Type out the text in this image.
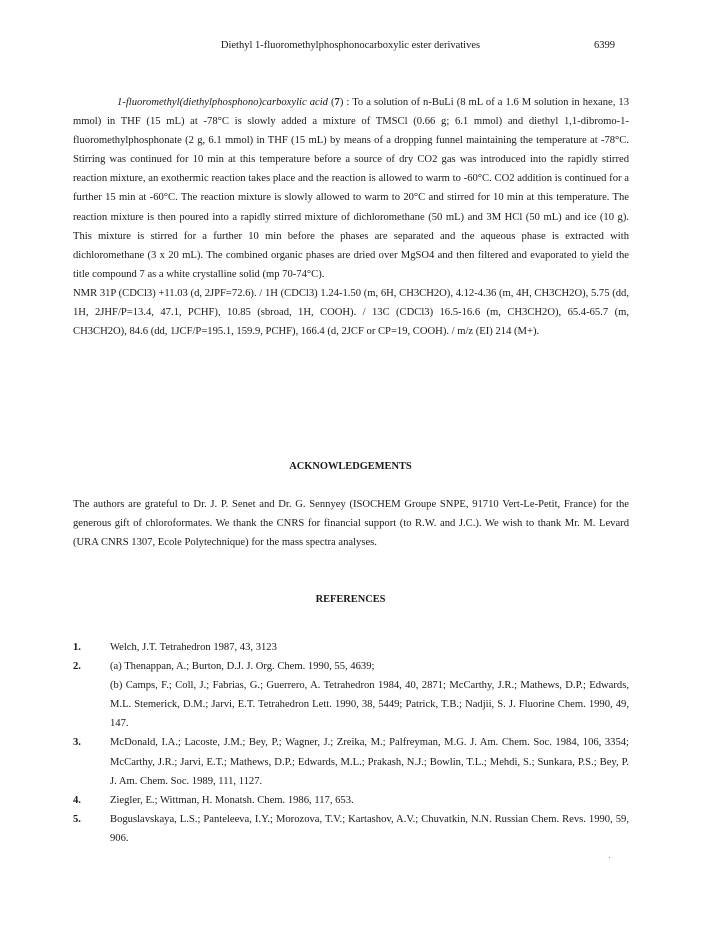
Diethyl 1-fluoromethylphosphonocarboxylic ester derivatives	6399
1-fluoromethyl(diethylphosphono)carboxylic acid (7) : To a solution of n-BuLi (8 mL of a 1.6 M solution in hexane, 13 mmol) in THF (15 mL) at -78°C is slowly added a mixture of TMSCl (0.66 g; 6.1 mmol) and diethyl 1,1-dibromo-1-fluoromethylphosphonate (2 g, 6.1 mmol) in THF (15 mL) by means of a dropping funnel maintaining the temperature at -78°C. Stirring was continued for 10 min at this temperature before a source of dry CO2 gas was introduced into the rapidly stirred reaction mixture, an exothermic reaction takes place and the reaction is allowed to warm to -60°C. CO2 addition is continued for a further 15 min at -60°C. The reaction mixture is slowly allowed to warm to 20°C and stirred for 10 min at this temperature. The reaction mixture is then poured into a rapidly stirred mixture of dichloromethane (50 mL) and 3M HCl (50 mL) and ice (10 g). This mixture is stirred for a further 10 min before the phases are separated and the aqueous phase is extracted with dichloromethane (3 x 20 mL). The combined organic phases are dried over MgSO4 and then filtered and evaporated to yield the title compound 7 as a white crystalline solid (mp 70-74°C).
NMR 31P (CDCl3) +11.03 (d, 2JPF=72.6). / 1H (CDCl3) 1.24-1.50 (m, 6H, CH3CH2O), 4.12-4.36 (m, 4H, CH3CH2O), 5.75 (dd, 1H, 2JHF/P=13.4, 47.1, PCHF), 10.85 (sbroad, 1H, COOH). / 13C (CDCl3) 16.5-16.6 (m, CH3CH2O), 65.4-65.7 (m, CH3CH2O), 84.6 (dd, 1JCF/P=195.1, 159.9, PCHF), 166.4 (d, 2JCF or CP=19, COOH). / m/z (EI) 214 (M+).
ACKNOWLEDGEMENTS
The authors are grateful to Dr. J. P. Senet and Dr. G. Sennyey (ISOCHEM Groupe SNPE, 91710 Vert-Le-Petit, France) for the generous gift of chloroformates. We thank the CNRS for financial support (to R.W. and J.C.). We wish to thank Mr. M. Levard (URA CNRS 1307, Ecole Polytechnique) for the mass spectra analyses.
REFERENCES
1.	Welch, J.T. Tetrahedron 1987, 43, 3123
2.	(a) Thenappan, A.; Burton, D.J. J. Org. Chem. 1990, 55, 4639;
(b) Camps, F.; Coll, J.; Fabrias, G.; Guerrero, A. Tetrahedron 1984, 40, 2871; McCarthy, J.R.; Mathews, D.P.; Edwards, M.L. Stemerick, D.M.; Jarvi, E.T. Tetrahedron Lett. 1990, 38, 5449; Patrick, T.B.; Nadjii, S. J. Fluorine Chem. 1990, 49, 147.
3.	McDonald, I.A.; Lacoste, J.M.; Bey, P.; Wagner, J.; Zreika, M.; Palfreyman, M.G. J. Am. Chem. Soc. 1984, 106, 3354; McCarthy, J.R.; Jarvi, E.T.; Mathews, D.P.; Edwards, M.L.; Prakash, N.J.; Bowlin, T.L.; Mehdi, S.; Sunkara, P.S.; Bey, P. J. Am. Chem. Soc. 1989, 111, 1127.
4.	Ziegler, E.; Wittman, H. Monatsh. Chem. 1986, 117, 653.
5.	Boguslavskaya, L.S.; Panteleeva, I.Y.; Morozova, T.V.; Kartashov, A.V.; Chuvatkin, N.N. Russian Chem. Revs. 1990, 59, 906.
